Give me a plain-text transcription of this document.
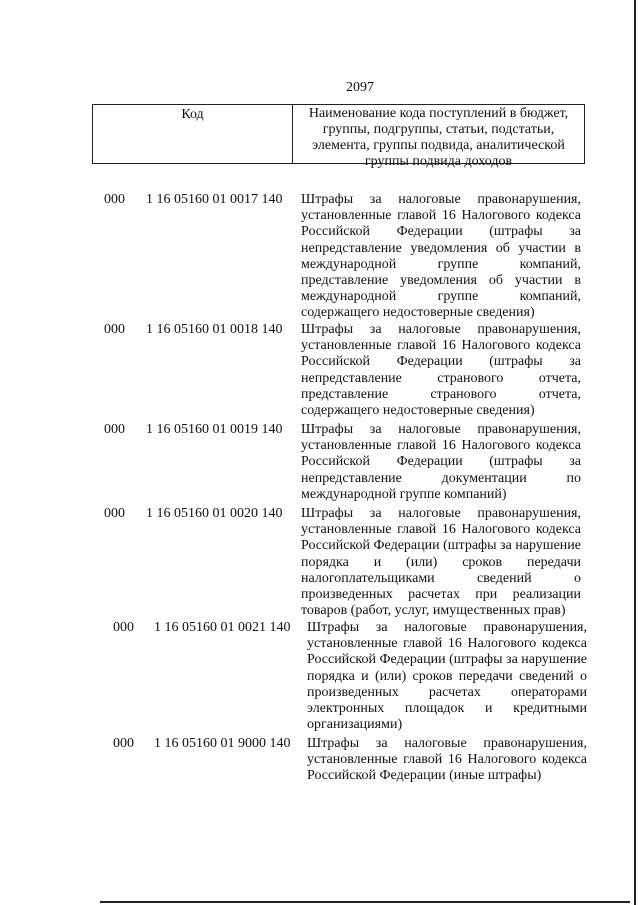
2097
Код	Наименование кода поступлений в бюджет, группы, подгруппы, статьи, подстатьи, элемента, группы подвида, аналитической группы подвида доходов
000 1 16 05160 01 0017 140 Штрафы за налоговые правонарушения, установленные главой 16 Налогового кодекса Российской Федерации (штрафы за непредставление уведомления об участии в международной группе компаний, представление уведомления об участии в международной группе компаний, содержащего недостоверные сведения)
000 1 16 05160 01 0018 140 Штрафы за налоговые правонарушения, установленные главой 16 Налогового кодекса Российской Федерации (штрафы за непредставление странового отчета, представление странового отчета, содержащего недостоверные сведения)
000 1 16 05160 01 0019 140 Штрафы за налоговые правонарушения, установленные главой 16 Налогового кодекса Российской Федерации (штрафы за непредставление документации по международной группе компаний)
000 1 16 05160 01 0020 140 Штрафы за налоговые правонарушения, установленные главой 16 Налогового кодекса Российской Федерации (штрафы за нарушение порядка и (или) сроков передачи налогоплательщиками сведений о произведенных расчетах при реализации товаров (работ, услуг, имущественных прав)
000 1 16 05160 01 0021 140 Штрафы за налоговые правонарушения, установленные главой 16 Налогового кодекса Российской Федерации (штрафы за нарушение порядка и (или) сроков передачи сведений о произведенных расчетах операторами электронных площадок и кредитными организациями)
000 1 16 05160 01 9000 140 Штрафы за налоговые правонарушения, установленные главой 16 Налогового кодекса Российской Федерации (иные штрафы)
